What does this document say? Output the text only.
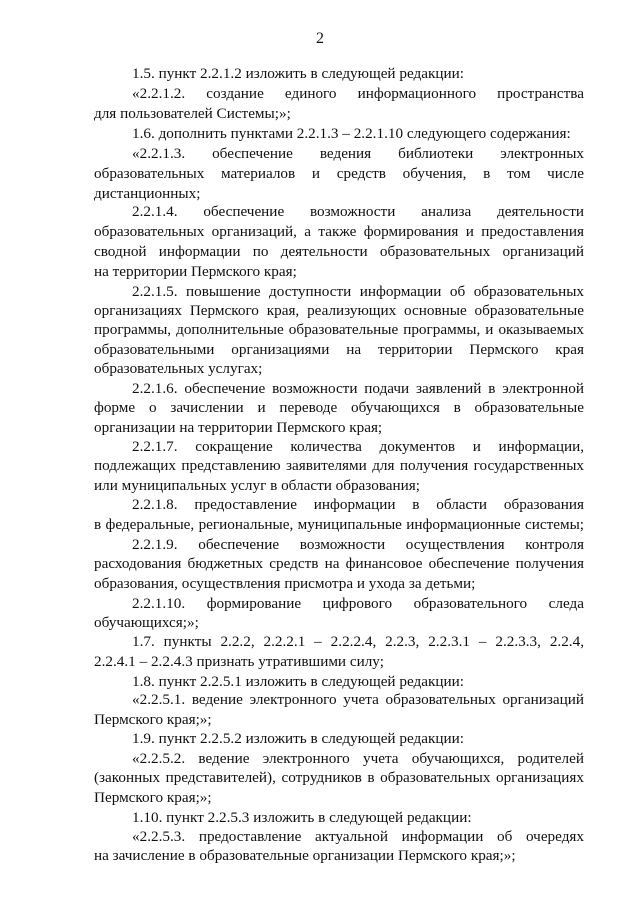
2
1.5. пункт 2.2.1.2 изложить в следующей редакции:
«2.2.1.2. создание единого информационного пространства
для пользователей Системы;»;
1.6. дополнить пунктами 2.2.1.3 – 2.2.1.10 следующего содержания:
«2.2.1.3. обеспечение ведения библиотеки электронных
образовательных материалов и средств обучения, в том числе
дистанционных;
2.2.1.4. обеспечение возможности анализа деятельности
образовательных организаций, а также формирования и предоставления
сводной информации по деятельности образовательных организаций
на территории Пермского края;
2.2.1.5. повышение доступности информации об образовательных
организациях Пермского края, реализующих основные образовательные
программы, дополнительные образовательные программы, и оказываемых
образовательными организациями на территории Пермского края
образовательных услугах;
2.2.1.6. обеспечение возможности подачи заявлений в электронной
форме о зачислении и переводе обучающихся в образовательные
организации на территории Пермского края;
2.2.1.7. сокращение количества документов и информации,
подлежащих представлению заявителями для получения государственных
или муниципальных услуг в области образования;
2.2.1.8. предоставление информации в области образования
в федеральные, региональные, муниципальные информационные системы;
2.2.1.9. обеспечение возможности осуществления контроля
расходования бюджетных средств на финансовое обеспечение получения
образования, осуществления присмотра и ухода за детьми;
2.2.1.10. формирование цифрового образовательного следа
обучающихся;»;
1.7. пункты 2.2.2, 2.2.2.1 – 2.2.2.4, 2.2.3, 2.2.3.1 – 2.2.3.3, 2.2.4,
2.2.4.1 – 2.2.4.3 признать утратившими силу;
1.8. пункт 2.2.5.1 изложить в следующей редакции:
«2.2.5.1. ведение электронного учета образовательных организаций
Пермского края;»;
1.9. пункт 2.2.5.2 изложить в следующей редакции:
«2.2.5.2. ведение электронного учета обучающихся, родителей
(законных представителей), сотрудников в образовательных организациях
Пермского края;»;
1.10. пункт 2.2.5.3 изложить в следующей редакции:
«2.2.5.3. предоставление актуальной информации об очередях
на зачисление в образовательные организации Пермского края;»;
